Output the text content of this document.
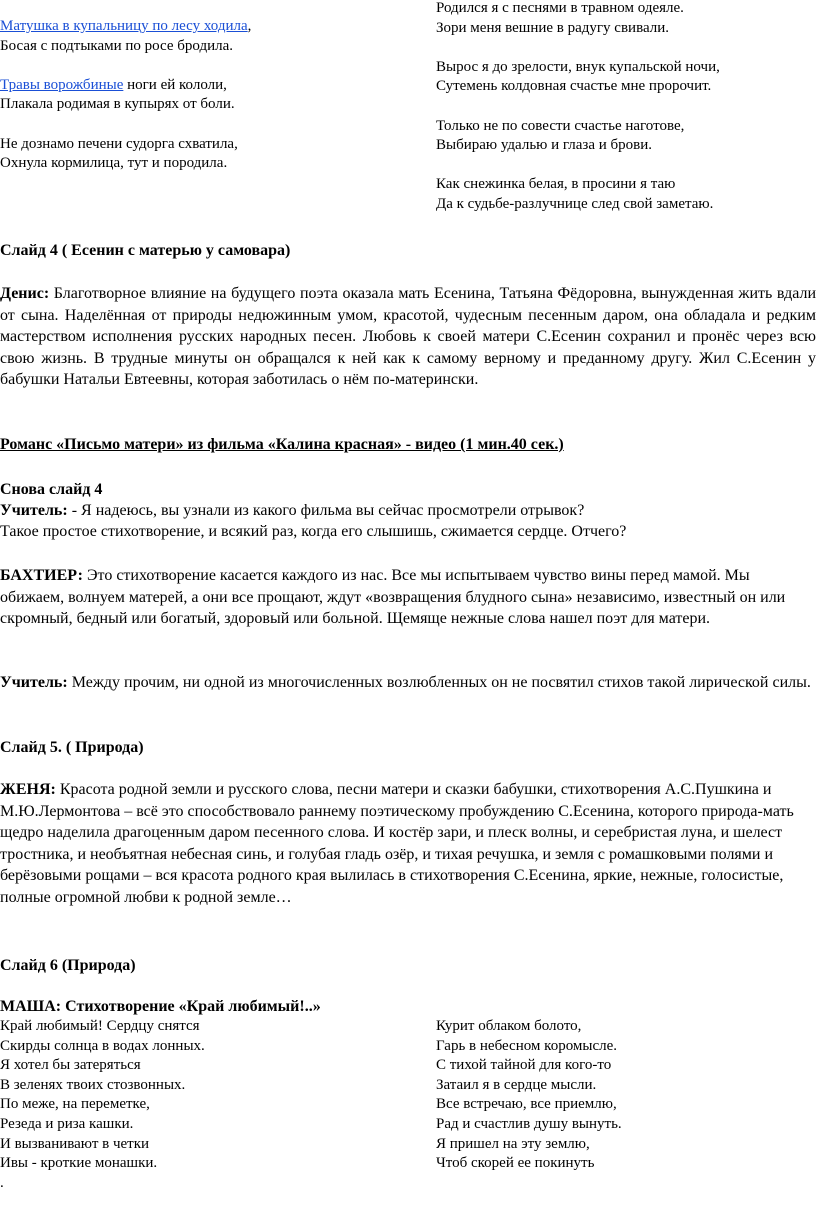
Матушка в купальницу по лесу ходила,
Босая с подтыками по росе бродила.
Травы ворожбиные ноги ей кололи,
Плакала родимая в купырях от боли.
Не дознамо печени судорга схватила,
Охнула кормилица, тут и породила.
Родился я с песнями в травном одеяле.
Зори меня вешние в радугу свивали.
Вырос я до зрелости, внук купальской ночи,
Сутемень колдовная счастье мне пророчит.
Только не по совести счастье наготове,
Выбираю удалью и глаза и брови.
Как снежинка белая, в просини я таю
Да к судьбе-разлучнице след свой заметаю.
Слайд 4 ( Есенин с матерью у самовара)
Денис: Благотворное влияние на будущего поэта оказала мать Есенина, Татьяна Фёдоровна, вынужденная жить вдали от сына. Наделённая от природы недюжинным умом, красотой, чудесным песенным даром, она обладала и редким мастерством исполнения русских народных песен. Любовь к своей матери С.Есенин сохранил и пронёс через всю свою жизнь. В трудные минуты он обращался к ней как к самому верному и преданному другу. Жил С.Есенин у бабушки Натальи Евтеевны, которая заботилась о нём по-матерински.
Романс «Письмо матери» из фильма «Калина красная» - видео (1 мин.40 сек.)
Снова слайд 4
Учитель: - Я надеюсь, вы узнали из какого фильма вы сейчас просмотрели отрывок?
Такое простое стихотворение, и всякий раз, когда его слышишь, сжимается сердце. Отчего?
БАХТИЕР: Это стихотворение касается каждого из нас. Все мы испытываем чувство вины перед мамой. Мы обижаем, волнуем матерей, а они все прощают, ждут «возвращения блудного сына» независимо, известный он или скромный, бедный или богатый, здоровый или больной. Щемяще нежные слова нашел поэт для матери.
Учитель: Между прочим, ни одной из многочисленных возлюбленных он не посвятил стихов такой лирической силы.
Слайд 5. ( Природа)
ЖЕНЯ: Красота родной земли и русского слова, песни матери и сказки бабушки, стихотворения А.С.Пушкина и М.Ю.Лермонтова – всё это способствовало раннему поэтическому пробуждению С.Есенина, которого природа-мать щедро наделила драгоценным даром песенного слова. И костёр зари, и плеск волны, и серебристая луна, и шелест тростника, и необъятная небесная синь, и голубая гладь озёр, и тихая речушка, и земля с ромашковыми полями и берёзовыми рощами – вся красота родного края вылилась в стихотворения С.Есенина, яркие, нежные, голосистые, полные огромной любви к родной земле…
Слайд 6 (Природа)
МАША: Стихотворение «Край любимый!..»
Край любимый! Сердцу снятся
Скирды солнца в водах лонных.
Я хотел бы затеряться
В зеленях твоих стозвонных.
По меже, на переметке,
Резеда и риза кашки.
И вызванивают в четки
Ивы - кроткие монашки.
.
Курит облаком болото,
Гарь в небесном коромысле.
С тихой тайной для кого-то
Затаил я в сердце мысли.
Все встречаю, все приемлю,
Рад и счастлив душу вынуть.
Я пришел на эту землю,
Чтоб скорей ее покинуть
